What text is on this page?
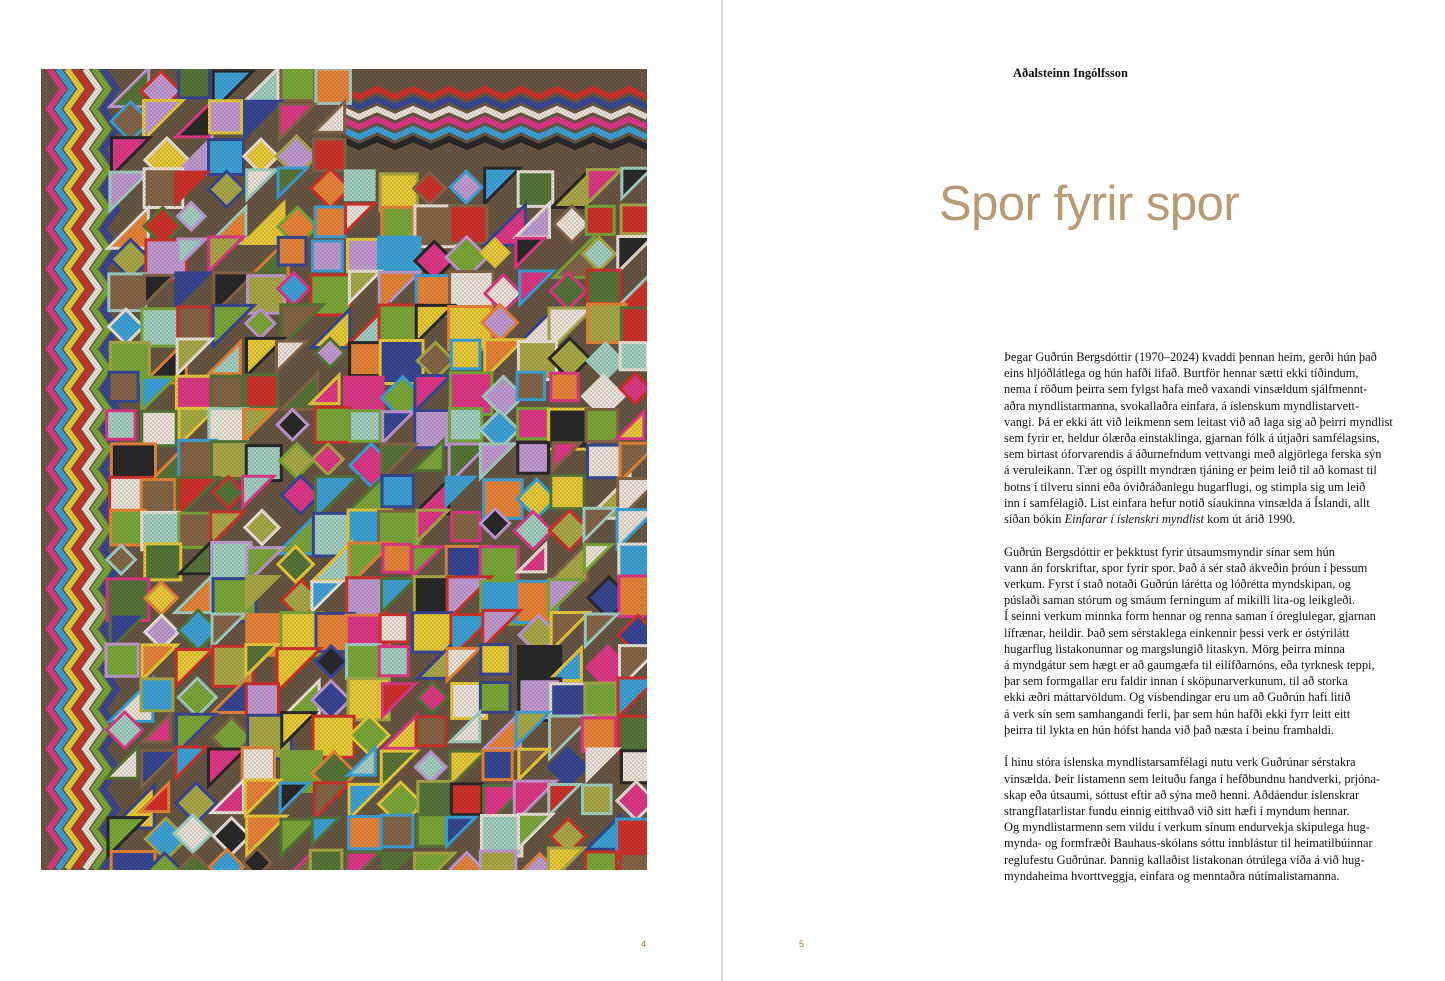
4
Aðalsteinn Ingólfsson
Spor fyrir spor
Þegar Guðrún Bergsdóttir (1970–2024) kvaddi þennan heim, gerði hún það
eins hljóðlátlega og hún hafði lifað. Burtför hennar sætti ekki tíðindum,
nema í röðum þeirra sem fylgst hafa með vaxandi vinsældum sjálfmennt-
aðra myndlistarmanna, svokallaðra einfara, á íslenskum myndlistarvett-
vangi. Þá er ekki átt við leikmenn sem leitast við að laga sig að þeirri myndlist
sem fyrir er, heldur ólærða einstaklinga, gjarnan fólk á útjaðri samfélagsins,
sem birtast óforvarendis á áðurnefndum vettvangi með algjörlega ferska sýn
á veruleikann. Tær og óspillt myndræn tjáning er þeim leið til að komast til
botns í tilveru sinni eða óviðráðanlegu hugarflugi, og stimpla sig um leið
inn í samfélagið. List einfara hefur notið síaukinna vinsælda á Íslandi, allt
síðan bókin Einfarar í íslenskri myndlist kom út árið 1990.
Guðrún Bergsdóttir er þekktust fyrir útsaumsmyndir sínar sem hún
vann án forskriftar, spor fyrir spor. Það á sér stað ákveðin þróun í þessum
verkum. Fyrst í stað notaði Guðrún lárétta og lóðrétta myndskipan, og
púslaði saman stórum og smáum ferningum af mikilli lita-og leikgleði.
Í seinni verkum minnka form hennar og renna saman í óreglulegar, gjarnan
lífrænar, heildir. Það sem sérstaklega einkennir þessi verk er óstýrilátt
hugarflug listakonunnar og margslungið litaskyn. Mörg þeirra minna
á myndgátur sem hægt er að gaumgæfa til eilífðarnóns, eða tyrknesk teppi,
þar sem formgallar eru faldir innan í sköpunarverkunum, til að storka
ekki æðri máttarvöldum. Og vísbendingar eru um að Guðrún hafi litið
á verk sín sem samhangandi ferli, þar sem hún hafði ekki fyrr leitt eitt
þeirra til lykta en hún hófst handa við það næsta í beinu framhaldi.
Í hinu stóra íslenska myndlistarsamfélagi nutu verk Guðrúnar sérstakra
vinsælda. Þeir listamenn sem leituðu fanga í hefðbundnu handverki, prjóna-
skap eða útsaumi, sóttust eftir að sýna með henni. Aðdáendur íslenskrar
strangflatarlistar fundu einnig eitthvað við sitt hæfi í myndum hennar.
Og myndlistarmenn sem vildu í verkum sínum endurvekja skipulega hug-
mynda- og formfræði Bauhaus-skólans sóttu innblástur til heimatilbúinnar
reglufestu Guðrúnar. Þannig kallaðist listakonan ótrúlega víða á við hug-
myndaheima hvorttveggja, einfara og menntaðra nútímalistamanna.
5
